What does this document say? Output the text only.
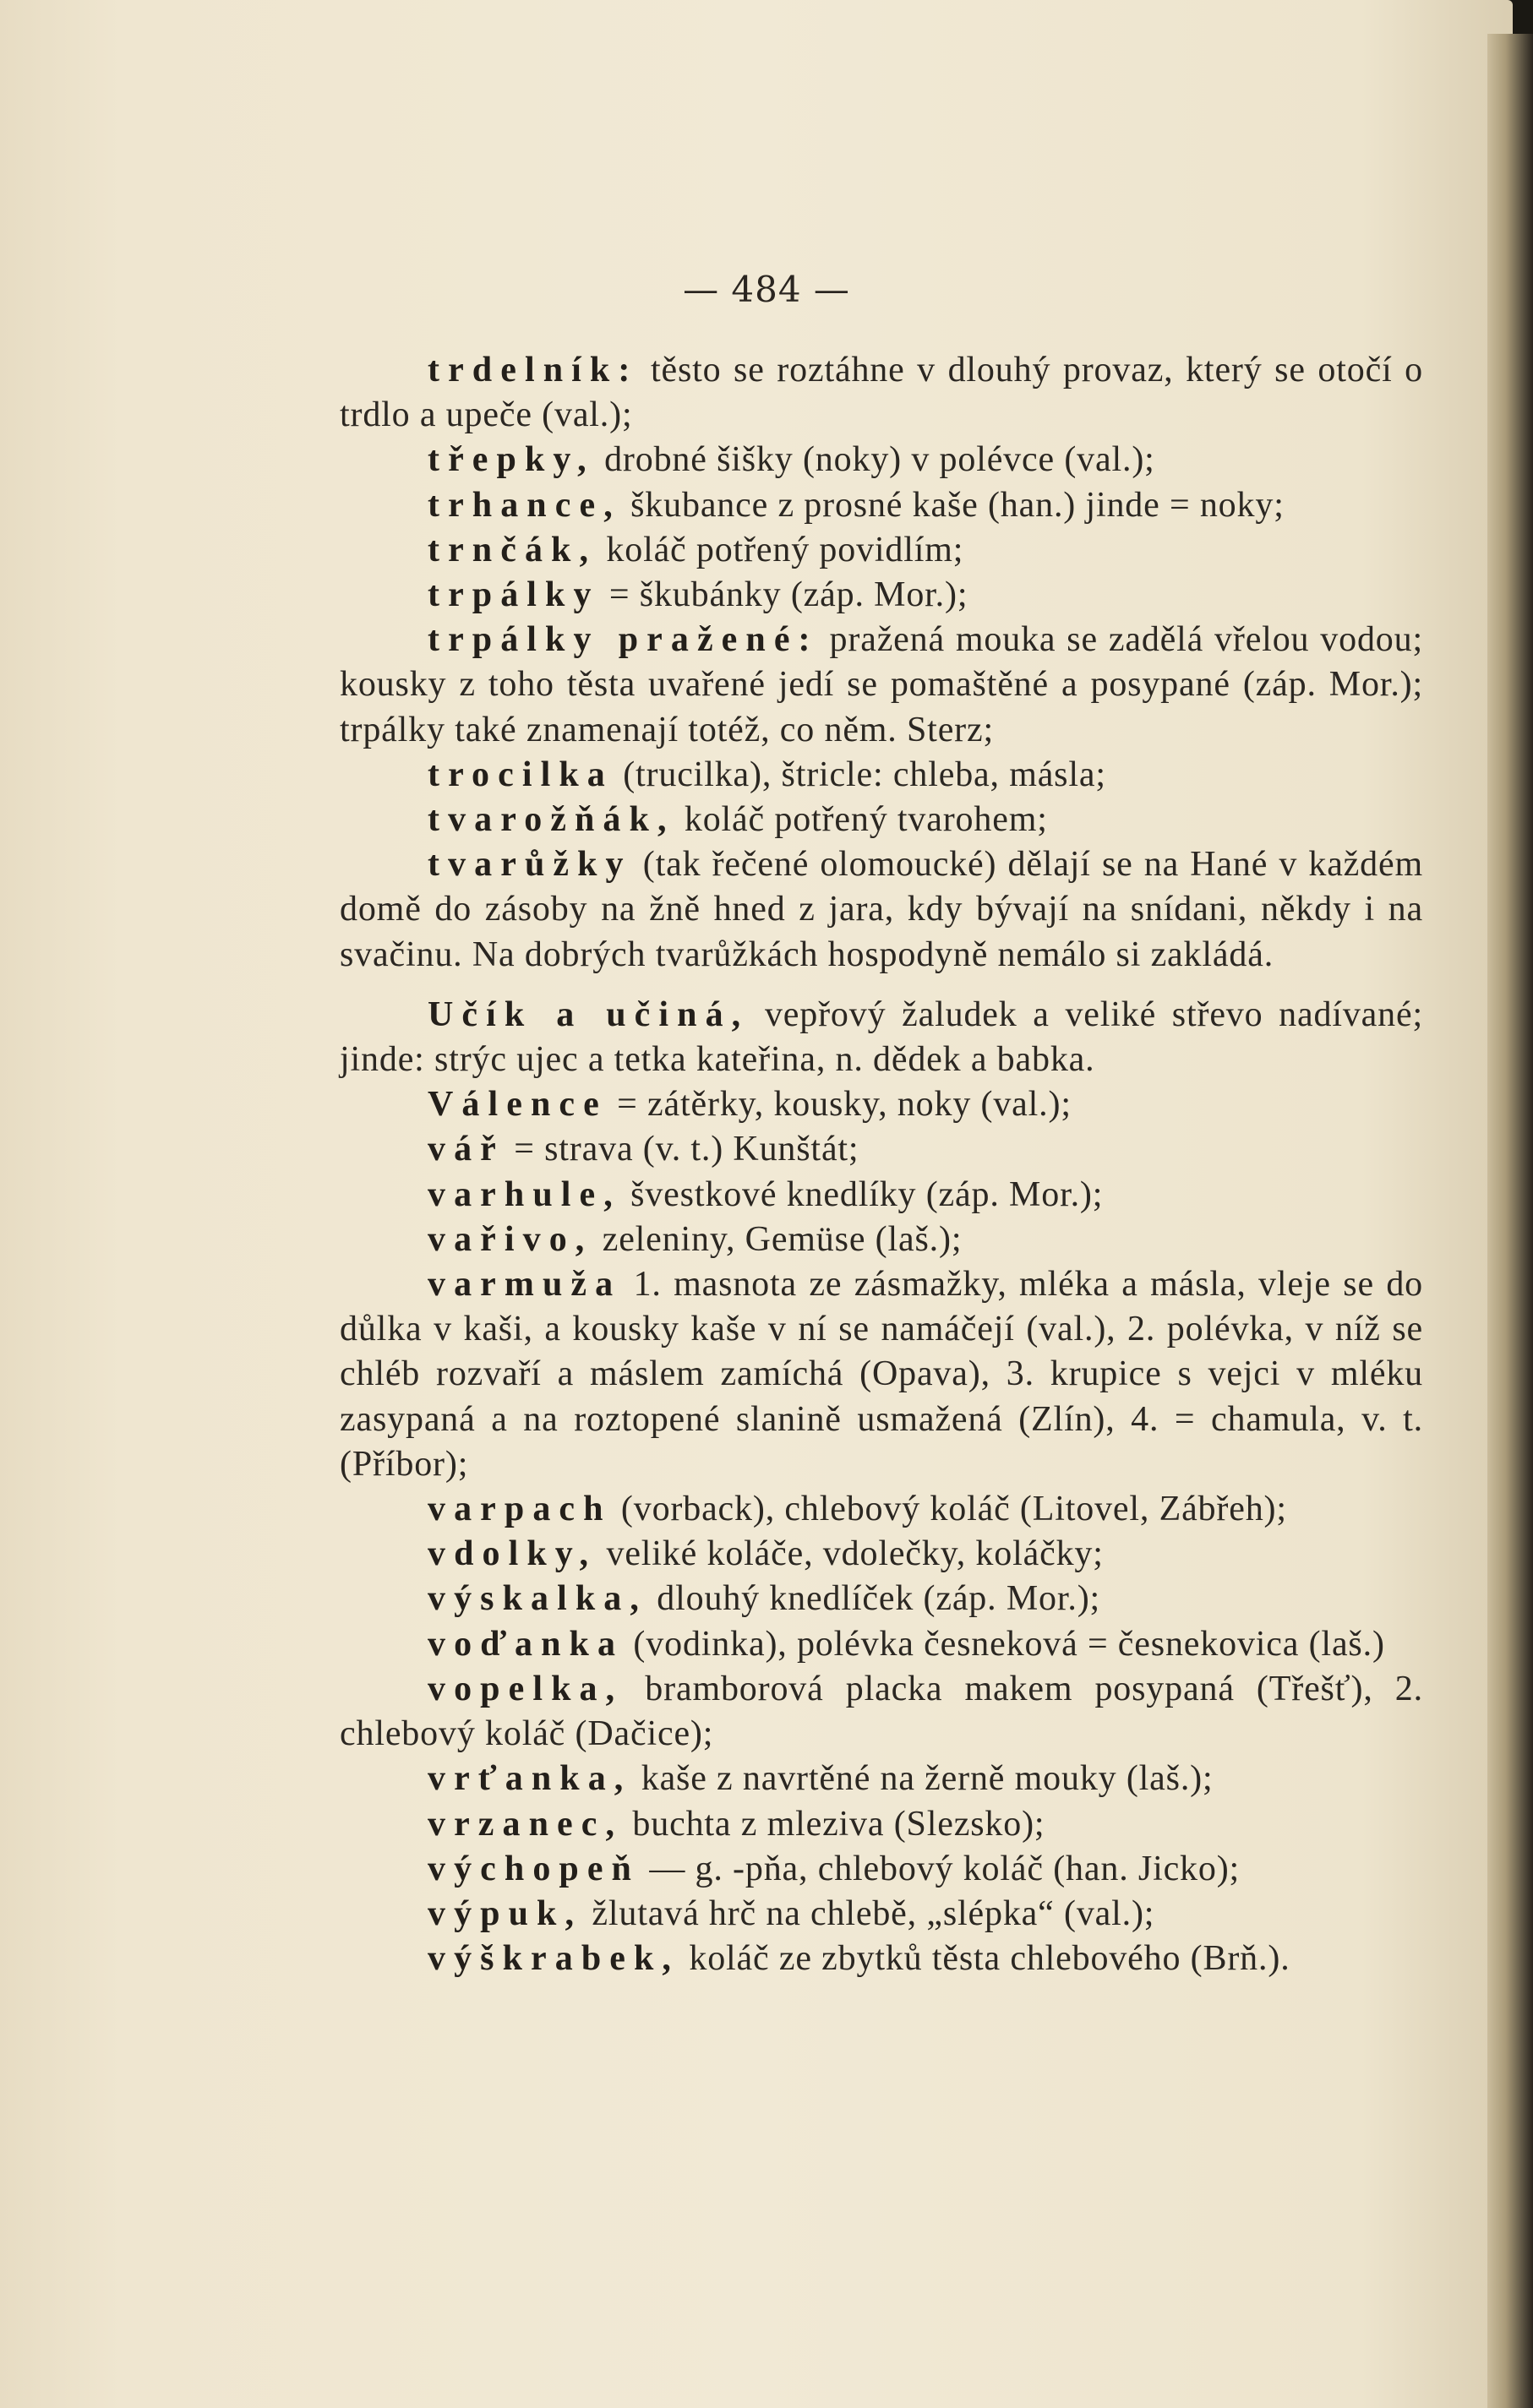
— 484 —

trdelník: těsto se roztáhne v dlouhý provaz, který se otočí o trdlo a upeče (val.);

třepky, drobné šišky (noky) v polévce (val.);

trhance, škubance z prosné kaše (han.) jinde = noky;

trnčák, koláč potřený povidlím;

trpálky = škubánky (záp. Mor.);

trpálky pražené: pražená mouka se zadělá vřelou vodou; kousky z toho těsta uvařené jedí se pomaštěné a posypané (záp. Mor.); trpálky také znamenají totéž, co něm. Sterz;

trocilka (trucilka), štricle: chleba, másla;

tvarožňák, koláč potřený tvarohem;

tvarůžky (tak řečené olomoucké) dělají se na Hané v každém domě do zásoby na žně hned z jara, kdy bývají na snídani, někdy i na svačinu. Na dobrých tvarůžkách hospodyně nemálo si zakládá.

Učík a učiná, vepřový žaludek a veliké střevo nadívané; jinde: strýc ujec a tetka kateřina, n. dědek a babka.

Válence = zátěrky, kousky, noky (val.);

vář = strava (v. t.) Kunštát;

varhule, švestkové knedlíky (záp. Mor.);

vařivo, zeleniny, Gemüse (laš.);

varmuža 1. masnota ze zásmažky, mléka a másla, vleje se do důlka v kaši, a kousky kaše v ní se namáčejí (val.), 2. polévka, v níž se chléb rozvaří a máslem zamíchá (Opava), 3. krupice s vejci v mléku zasypaná a na roztopené slanině usmažená (Zlín), 4. = chamula, v. t. (Příbor);

varpach (vorback), chlebový koláč (Litovel, Zábřeh);

vdolky, veliké koláče, vdolečky, koláčky;

výskalka, dlouhý knedlíček (záp. Mor.);

voďanka (vodinka), polévka česneková = česnekovica (laš.)

vopelka, bramborová placka makem posypaná (Třešť), 2. chlebový koláč (Dačice);

vrťanka, kaše z navrtěné na žerně mouky (laš.);

vrzanec, buchta z mleziva (Slezsko);

výchopeň — g. -pňa, chlebový koláč (han. Jicko);

výpuk, žlutavá hrč na chlebě, „slépka“ (val.);

výškrabek, koláč ze zbytků těsta chlebového (Brň.).
